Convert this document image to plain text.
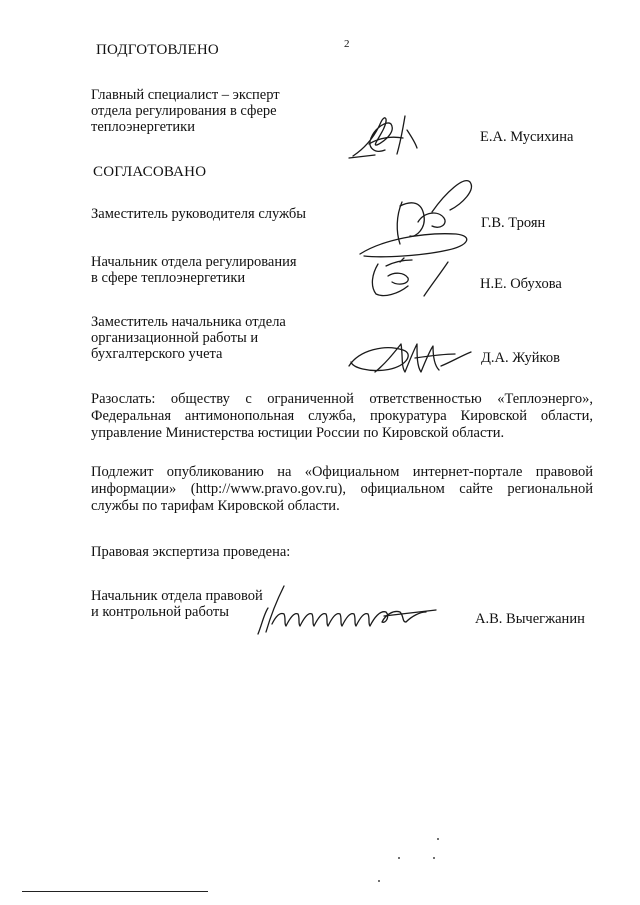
2
ПОДГОТОВЛЕНО
Главный специалист – эксперт
отдела регулирования в сфере
теплоэнергетики
Е.А. Мусихина
СОГЛАСОВАНО
Заместитель руководителя службы
Г.В. Троян
Начальник отдела регулирования
в сфере теплоэнергетики	Н.Е. Обухова
Заместитель начальника отдела
организационной работы и
бухгалтерского учета	Д.А. Жуйков
Разослать: обществу с ограниченной ответственностью «Теплоэнерго», Федеральная антимонопольная служба, прокуратура Кировской области, управление Министерства юстиции России по Кировской области.
Подлежит опубликованию на «Официальном интернет-портале правовой информации» (http://www.pravo.gov.ru), официальном сайте региональной службы по тарифам Кировской области.
Правовая экспертиза проведена:
Начальник отдела правовой
и контрольной работы	А.В. Вычегжанин
